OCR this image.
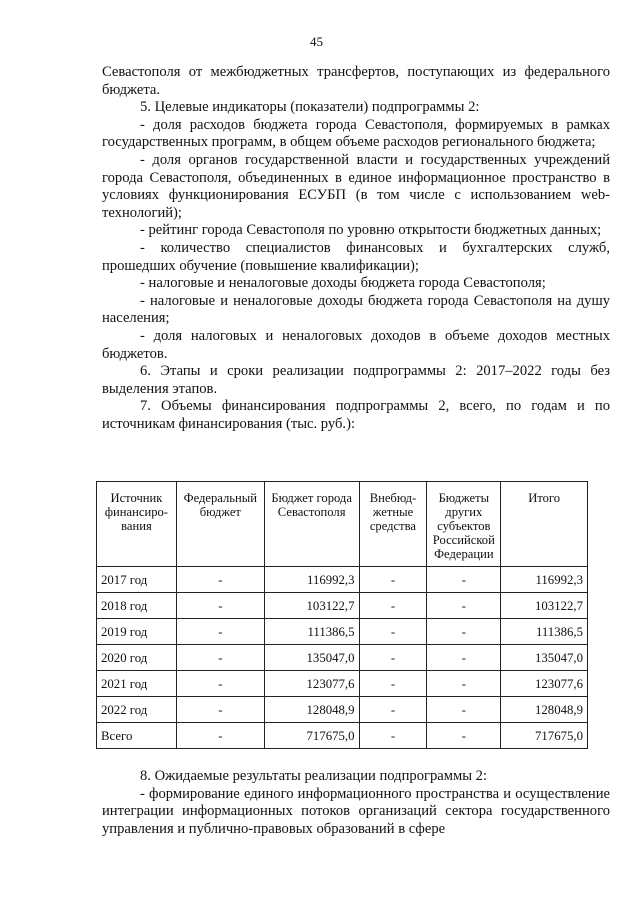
45

Севастополя от межбюджетных трансфертов, поступающих из федерального бюджета.

5. Целевые индикаторы (показатели) подпрограммы 2:

- доля расходов бюджета города Севастополя, формируемых в рамках государственных программ, в общем объеме расходов регионального бюджета;

- доля органов государственной власти и государственных учреждений города Севастополя, объединенных в единое информационное пространство в условиях функционирования ЕСУБП (в том числе с использованием web-технологий);

- рейтинг города Севастополя по уровню открытости бюджетных данных;

- количество специалистов финансовых и бухгалтерских служб, прошедших обучение (повышение квалификации);

- налоговые и неналоговые доходы бюджета города Севастополя;

- налоговые и неналоговые доходы бюджета города Севастополя на душу населения;

- доля налоговых и неналоговых доходов в объеме доходов местных бюджетов.

6. Этапы и сроки реализации подпрограммы 2: 2017–2022 годы без выделения этапов.

7. Объемы финансирования подпрограммы 2, всего, по годам и по источникам финансирования (тыс. руб.):

Источник финансиро-вания	Федеральный бюджет	Бюджет города Севастополя	Внебюд-жетные средства	Бюджеты других субъектов Российской Федерации	Итого
2017 год	-	116992,3	-	-	116992,3
2018 год	-	103122,7	-	-	103122,7
2019 год	-	111386,5	-	-	111386,5
2020 год	-	135047,0	-	-	135047,0
2021 год	-	123077,6	-	-	123077,6
2022 год	-	128048,9	-	-	128048,9
Всего	-	717675,0	-	-	717675,0

8. Ожидаемые результаты реализации подпрограммы 2:

- формирование единого информационного пространства и осуществление интеграции информационных потоков организаций сектора государственного управления и публично-правовых образований в сфере
